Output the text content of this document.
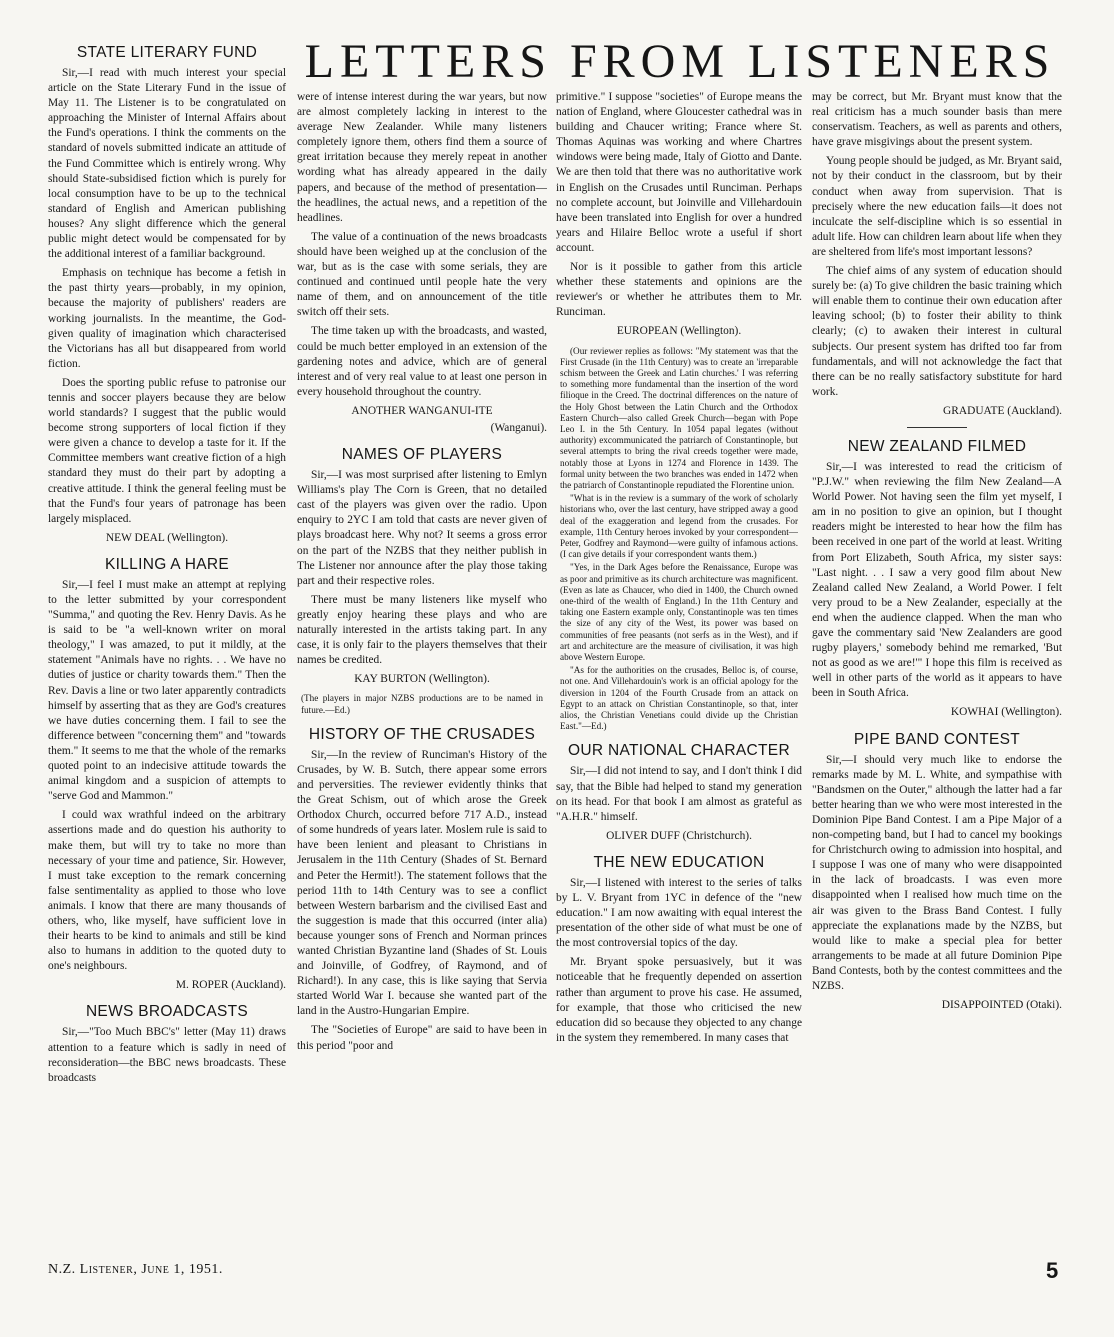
LETTERS FROM LISTENERS
STATE LITERARY FUND

Sir,—I read with much interest your special article on the State Literary Fund in the issue of May 11. The Listener is to be congratulated on approaching the Minister of Internal Affairs about the Fund's operations. I think the comments on the standard of novels submitted indicate an attitude of the Fund Committee which is entirely wrong. Why should State-subsidised fiction which is purely for local consumption have to be up to the technical standard of English and American publishing houses? Any slight difference which the general public might detect would be compensated for by the additional interest of a familiar background.

Emphasis on technique has become a fetish in the past thirty years—probably, in my opinion, because the majority of publishers' readers are working journalists. In the meantime, the God-given quality of imagination which characterised the Victorians has all but disappeared from world fiction.

Does the sporting public refuse to patronise our tennis and soccer players because they are below world standards? I suggest that the public would become strong supporters of local fiction if they were given a chance to develop a taste for it. If the Committee members want creative fiction of a high standard they must do their part by adopting a creative attitude. I think the general feeling must be that the Fund's four years of patronage has been largely misplaced.

NEW DEAL (Wellington).
KILLING A HARE

Sir,—I feel I must make an attempt at replying to the letter submitted by your correspondent "Summa," and quoting the Rev. Henry Davis. As he is said to be "a well-known writer on moral theology," I was amazed, to put it mildly, at the statement "Animals have no rights. . . We have no duties of justice or charity towards them." Then the Rev. Davis a line or two later apparently contradicts himself by asserting that as they are God's creatures we have duties concerning them. I fail to see the difference between "concerning them" and "towards them." It seems to me that the whole of the remarks quoted point to an indecisive attitude towards the animal kingdom and a suspicion of attempts to "serve God and Mammon."

I could wax wrathful indeed on the arbitrary assertions made and do question his authority to make them, but will try to take no more than necessary of your time and patience, Sir. However, I must take exception to the remark concerning false sentimentality as applied to those who love animals. I know that there are many thousands of others, who, like myself, have sufficient love in their hearts to be kind to animals and still be kind also to humans in addition to the quoted duty to one's neighbours.

M. ROPER (Auckland).
NEWS BROADCASTS

Sir,—"Too Much BBC's" letter (May 11) draws attention to a feature which is sadly in need of reconsideration—the BBC news broadcasts. These broadcasts

were of intense interest during the war years, but now are almost completely lacking in interest to the average New Zealander. While many listeners completely ignore them, others find them a source of great irritation because they merely repeat in another wording what has already appeared in the daily papers, and because of the method of presentation—the headlines, the actual news, and a repetition of the headlines.

The value of a continuation of the news broadcasts should have been weighed up at the conclusion of the war, but as is the case with some serials, they are continued and continued until people hate the very name of them, and on announcement of the title switch off their sets.

The time taken up with the broadcasts, and wasted, could be much better employed in an extension of the gardening notes and advice, which are of general interest and of very real value to at least one person in every household throughout the country.

ANOTHER WANGANUI-ITE
(Wanganui).
NAMES OF PLAYERS

Sir,—I was most surprised after listening to Emlyn Williams's play The Corn is Green, that no detailed cast of the players was given over the radio. Upon enquiry to 2YC I am told that casts are never given of plays broadcast here. Why not? It seems a gross error on the part of the NZBS that they neither publish in The Listener nor announce after the play those taking part and their respective roles.

There must be many listeners like myself who greatly enjoy hearing these plays and who are naturally interested in the artists taking part. In any case, it is only fair to the players themselves that their names be credited.

KAY BURTON (Wellington).
(The players in major NZBS productions are to be named in future.—Ed.)
HISTORY OF THE CRUSADES

Sir,—In the review of Runciman's History of the Crusades, by W. B. Sutch, there appear some errors and perversities. The reviewer evidently thinks that the Great Schism, out of which arose the Greek Orthodox Church, occurred before 717 A.D., instead of some hundreds of years later. Moslem rule is said to have been lenient and pleasant to Christians in Jerusalem in the 11th Century (Shades of St. Bernard and Peter the Hermit!). The statement follows that the period 11th to 14th Century was to see a conflict between Western barbarism and the civilised East and the suggestion is made that this occurred (inter alia) because younger sons of French and Norman princes wanted Christian Byzantine land (Shades of St. Louis and Joinville, of Godfrey, of Raymond, and of Richard!). In any case, this is like saying that Servia started World War I. because she wanted part of the land in the Austro-Hungarian Empire.

The "Societies of Europe" are said to have been in this period "poor and

primitive." I suppose "societies" of Europe means the nation of England, where Gloucester cathedral was in building and Chaucer writing; France where St. Thomas Aquinas was working and where Chartres windows were being made, Italy of Giotto and Dante. We are then told that there was no authoritative work in English on the Crusades until Runciman. Perhaps no complete account, but Joinville and Villehardouin have been translated into English for over a hundred years and Hilaire Belloc wrote a useful if short account.

Nor is it possible to gather from this article whether these statements and opinions are the reviewer's or whether he attributes them to Mr. Runciman.

EUROPEAN (Wellington).

(Our reviewer replies as follows: "My statement was that the First Crusade (in the 11th Century) was to create an 'irreparable schism between the Greek and Latin churches.' I was referring to something more fundamental than the insertion of the word filioque in the Creed. The doctrinal differences on the nature of the Holy Ghost between the Latin Church and the Orthodox Eastern Church—also called Greek Church—began with Pope Leo I. in the 5th Century. In 1054 papal legates (without authority) excommunicated the patriarch of Constantinople, but several attempts to bring the rival creeds together were made, notably those at Lyons in 1274 and Florence in 1439. The formal unity between the two branches was ended in 1472 when the patriarch of Constantinople repudiated the Florentine union.

"What is in the review is a summary of the work of scholarly historians who, over the last century, have stripped away a good deal of the exaggeration and legend from the crusades. For example, 11th Century heroes invoked by your correspondent—Peter, Godfrey and Raymond—were guilty of infamous actions. (I can give details if your correspondent wants them.)

"Yes, in the Dark Ages before the Renaissance, Europe was as poor and primitive as its church architecture was magnificent. (Even as late as Chaucer, who died in 1400, the Church owned one-third of the wealth of England.) In the 11th Century and taking one Eastern example only, Constantinople was ten times the size of any city of the West, its power was based on communities of free peasants (not serfs as in the West), and if art and architecture are the measure of civilisation, it was high above Western Europe.

"As for the authorities on the crusades, Belloc is, of course, not one. And Villehardouin's work is an official apology for the diversion in 1204 of the Fourth Crusade from an attack on Egypt to an attack on Christian Constantinople, so that, inter alios, the Christian Venetians could divide up the Christian East."—Ed.)

OUR NATIONAL CHARACTER

Sir,—I did not intend to say, and I don't think I did say, that the Bible had helped to stand my generation on its head. For that book I am almost as grateful as "A.H.R." himself.

OLIVER DUFF (Christchurch).
THE NEW EDUCATION

Sir,—I listened with interest to the series of talks by L. V. Bryant from 1YC in defence of the "new education." I am now awaiting with equal interest the presentation of the other side of what must be one of the most controversial topics of the day.

Mr. Bryant spoke persuasively, but it was noticeable that he frequently depended on assertion rather than argument to prove his case. He assumed, for example, that those who criticised the new education did so because they objected to any change in the system they remembered. In many cases that

may be correct, but Mr. Bryant must know that the real criticism has a much sounder basis than mere conservatism. Teachers, as well as parents and others, have grave misgivings about the present system.

Young people should be judged, as Mr. Bryant said, not by their conduct in the classroom, but by their conduct when away from supervision. That is precisely where the new education fails—it does not inculcate the self-discipline which is so essential in adult life. How can children learn about life when they are sheltered from life's most important lessons?

The chief aims of any system of education should surely be: (a) To give children the basic training which will enable them to continue their own education after leaving school; (b) to foster their ability to think clearly; (c) to awaken their interest in cultural subjects. Our present system has drifted too far from fundamentals, and will not acknowledge the fact that there can be no really satisfactory substitute for hard work.

GRADUATE (Auckland).
NEW ZEALAND FILMED

Sir,—I was interested to read the criticism of "P.J.W." when reviewing the film New Zealand—A World Power. Not having seen the film yet myself, I am in no position to give an opinion, but I thought readers might be interested to hear how the film has been received in one part of the world at least. Writing from Port Elizabeth, South Africa, my sister says: "Last night. . . I saw a very good film about New Zealand called New Zealand, a World Power. I felt very proud to be a New Zealander, especially at the end when the audience clapped. When the man who gave the commentary said 'New Zealanders are good rugby players,' somebody behind me remarked, 'But not as good as we are!'" I hope this film is received as well in other parts of the world as it appears to have been in South Africa.

KOWHAI (Wellington).
PIPE BAND CONTEST

Sir,—I should very much like to endorse the remarks made by M. L. White, and sympathise with "Bandsmen on the Outer," although the latter had a far better hearing than we who were most interested in the Dominion Pipe Band Contest. I am a Pipe Major of a non-competing band, but I had to cancel my bookings for Christchurch owing to admission into hospital, and I suppose I was one of many who were disappointed in the lack of broadcasts. I was even more disappointed when I realised how much time on the air was given to the Brass Band Contest. I fully appreciate the explanations made by the NZBS, but would like to make a special plea for better arrangements to be made at all future Dominion Pipe Band Contests, both by the contest committees and the NZBS.

DISAPPOINTED (Otaki).
N.Z. Listener, June 1, 1951.	5
